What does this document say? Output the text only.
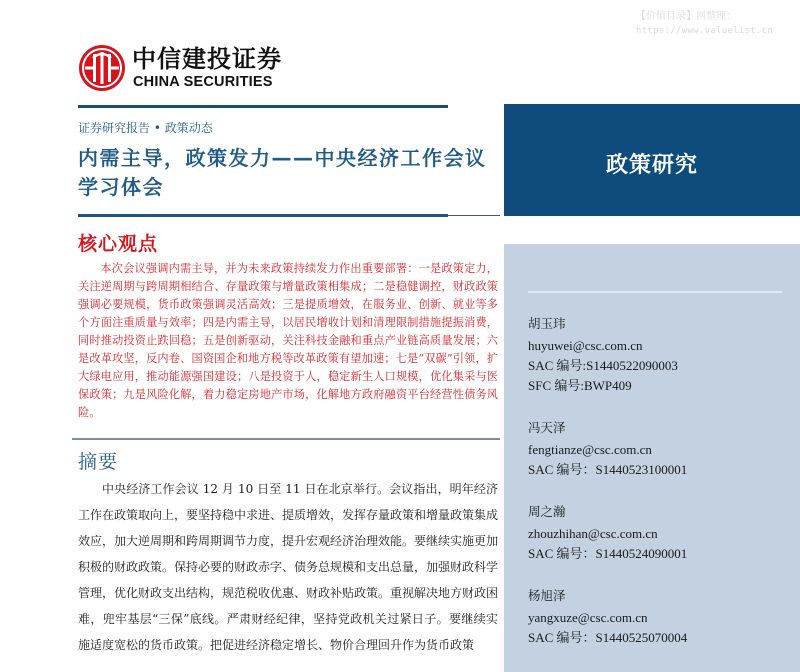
【价值目录】网整理：
https://www.valuelist.cn
中信建投证券
CHINA SECURITIES
政策研究
证券研究报告 • 政策动态
内需主导，政策发力——中央经济工作会议
学习体会
核心观点
本次会议强调内需主导，并为未来政策持续发力作出重要部署：一是政策定力，关注逆周期与跨周期相结合、存量政策与增量政策相集成；二是稳健调控，财政政策强调必要规模，货币政策强调灵活高效；三是提质增效，在服务业、创新、就业等多个方面注重质量与效率；四是内需主导，以居民增收计划和清理限制措施提振消费，同时推动投资止跌回稳；五是创新驱动，关注科技金融和重点产业链高质量发展；六是改革攻坚，反内卷、国资国企和地方税等改革政策有望加速；七是“双碳”引领，扩大绿电应用，推动能源强国建设；八是投资于人，稳定新生人口规模，优化集采与医保政策；九是风险化解，着力稳定房地产市场，化解地方政府融资平台经营性债务风险。
摘要
中央经济工作会议 12 月 10 日至 11 日在北京举行。会议指出，明年经济工作在政策取向上，要坚持稳中求进、提质增效，发挥存量政策和增量政策集成效应，加大逆周期和跨周期调节力度，提升宏观经济治理效能。要继续实施更加积极的财政政策。保持必要的财政赤字、债务总规模和支出总量，加强财政科学管理，优化财政支出结构，规范税收优惠、财政补贴政策。重视解决地方财政困难，兜牢基层“三保”底线。严肃财经纪律，坚持党政机关过紧日子。要继续实施适度宽松的货币政策。把促进经济稳定增长、物价合理回升作为货币政策
胡玉玮
huyuwei@csc.com.cn
SAC 编号:S1440522090003
SFC 编号:BWP409
冯天泽
fengtianze@csc.com.cn
SAC 编号：S1440523100001
周之瀚
zhouzhihan@csc.com.cn
SAC 编号：S1440524090001
杨旭泽
yangxuze@csc.com.cn
SAC 编号：S1440525070004
